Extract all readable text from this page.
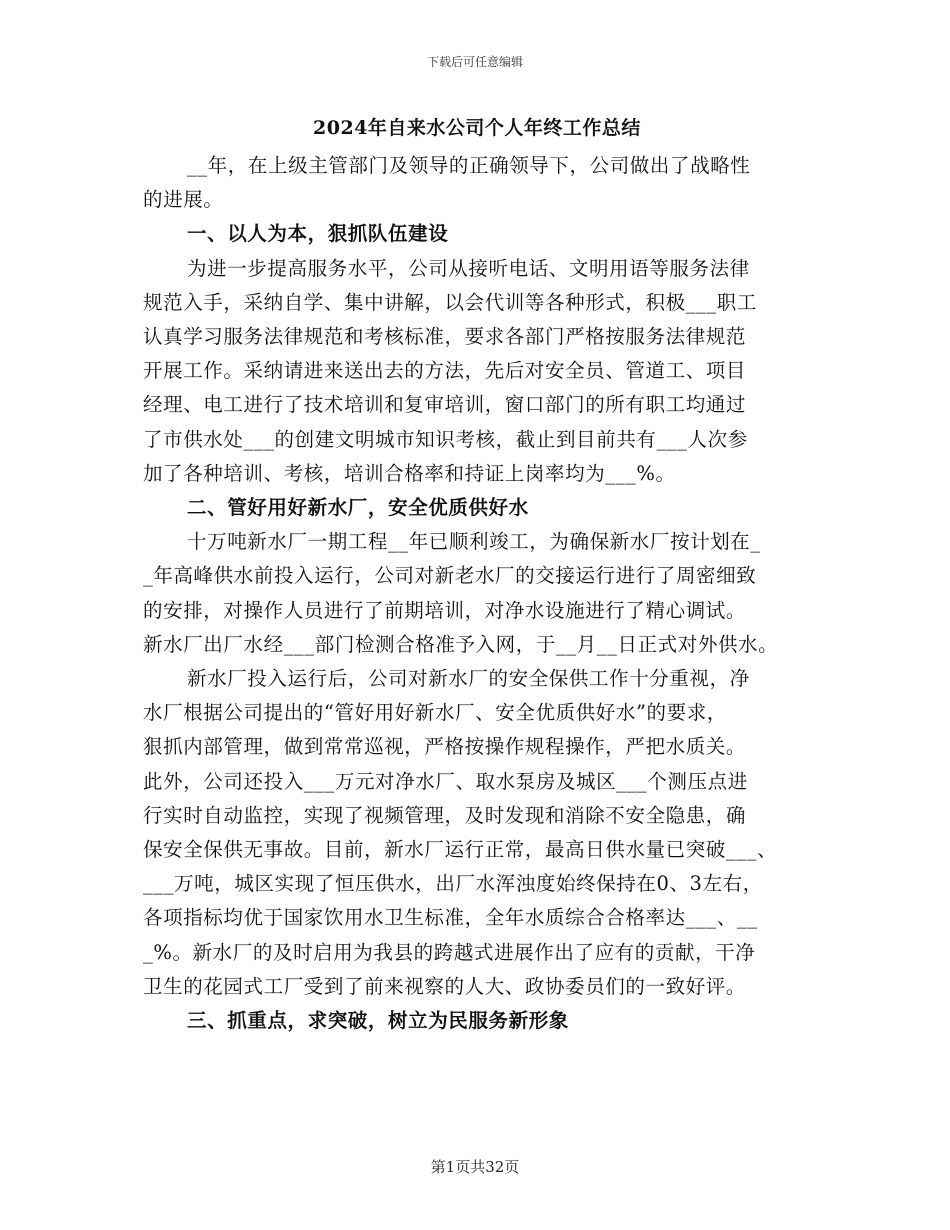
下载后可任意编辑
2024年自来水公司个人年终工作总结
__年，在上级主管部门及领导的正确领导下，公司做出了战略性
的进展。
一、以人为本，狠抓队伍建设
为进一步提高服务水平，公司从接听电话、文明用语等服务法律
规范入手，采纳自学、集中讲解，以会代训等各种形式，积极___职工
认真学习服务法律规范和考核标准，要求各部门严格按服务法律规范
开展工作。采纳请进来送出去的方法，先后对安全员、管道工、项目
经理、电工进行了技术培训和复审培训，窗口部门的所有职工均通过
了市供水处___的创建文明城市知识考核，截止到目前共有___人次参
加了各种培训、考核，培训合格率和持证上岗率均为___%。
二、管好用好新水厂，安全优质供好水
十万吨新水厂一期工程__年已顺利竣工，为确保新水厂按计划在_
_年高峰供水前投入运行，公司对新老水厂的交接运行进行了周密细致
的安排，对操作人员进行了前期培训，对净水设施进行了精心调试。
新水厂出厂水经___部门检测合格准予入网，于__月__日正式对外供水。
新水厂投入运行后，公司对新水厂的安全保供工作十分重视，净
水厂根据公司提出的“管好用好新水厂、安全优质供好水”的要求，
狠抓内部管理，做到常常巡视，严格按操作规程操作，严把水质关。
此外，公司还投入___万元对净水厂、取水泵房及城区___个测压点进
行实时自动监控，实现了视频管理，及时发现和消除不安全隐患，确
保安全保供无事故。目前，新水厂运行正常，最高日供水量已突破___、
___万吨，城区实现了恒压供水，出厂水浑浊度始终保持在0、3左右，
各项指标均优于国家饮用水卫生标准，全年水质综合合格率达___、__
_%。新水厂的及时启用为我县的跨越式进展作出了应有的贡献，干净
卫生的花园式工厂受到了前来视察的人大、政协委员们的一致好评。
三、抓重点，求突破，树立为民服务新形象
第1页共32页
